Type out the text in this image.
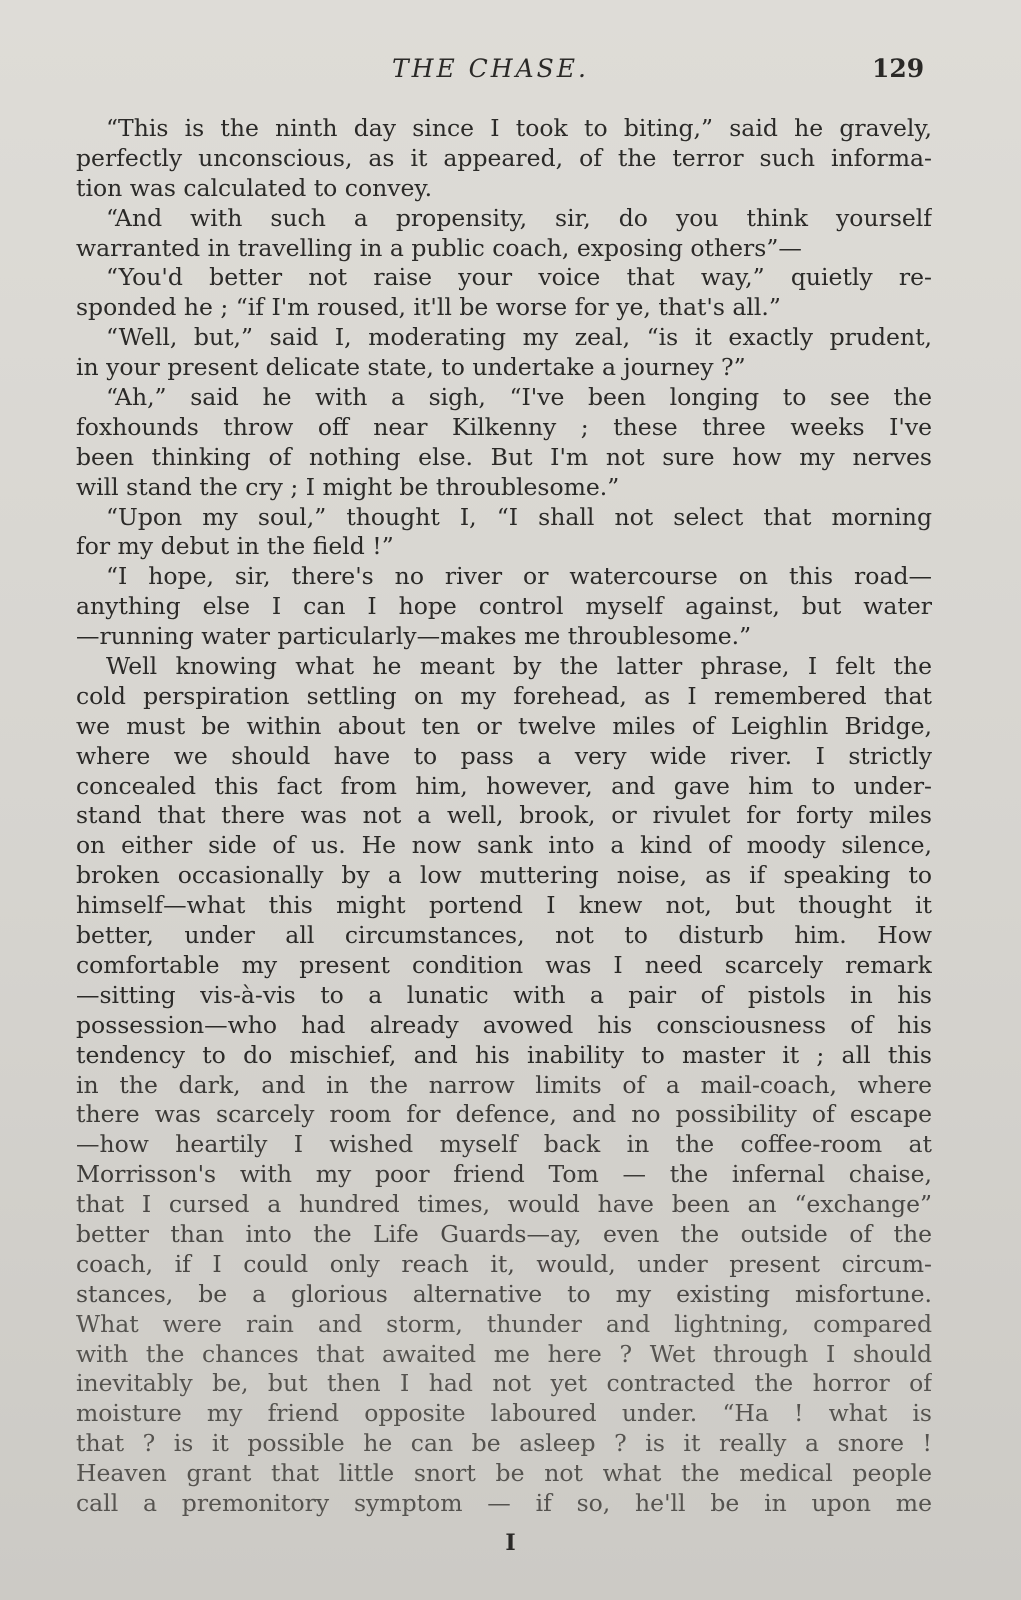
THE CHASE.	129
“This is the ninth day since I took to biting,” said he gravely,
perfectly unconscious, as it appeared, of the terror such informa-
tion was calculated to convey.
“And with such a propensity, sir, do you think yourself
warranted in travelling in a public coach, exposing others”—
“You'd better not raise your voice that way,” quietly re-
sponded he ; “if I'm roused, it'll be worse for ye, that's all.”
“Well, but,” said I, moderating my zeal, “is it exactly prudent,
in your present delicate state, to undertake a journey ?”
“Ah,” said he with a sigh, “I've been longing to see the
foxhounds throw off near Kilkenny ; these three weeks I've
been thinking of nothing else. But I'm not sure how my nerves
will stand the cry ; I might be throublesome.”
“Upon my soul,” thought I, “I shall not select that morning
for my debut in the field !”
“I hope, sir, there's no river or watercourse on this road—
anything else I can I hope control myself against, but water
—running water particularly—makes me throublesome.”
Well knowing what he meant by the latter phrase, I felt the
cold perspiration settling on my forehead, as I remembered that
we must be within about ten or twelve miles of Leighlin Bridge,
where we should have to pass a very wide river. I strictly
concealed this fact from him, however, and gave him to under-
stand that there was not a well, brook, or rivulet for forty miles
on either side of us. He now sank into a kind of moody silence,
broken occasionally by a low muttering noise, as if speaking to
himself—what this might portend I knew not, but thought it
better, under all circumstances, not to disturb him. How
comfortable my present condition was I need scarcely remark
—sitting vis-à-vis to a lunatic with a pair of pistols in his
possession—who had already avowed his consciousness of his
tendency to do mischief, and his inability to master it ; all this
in the dark, and in the narrow limits of a mail-coach, where
there was scarcely room for defence, and no possibility of escape
—how heartily I wished myself back in the coffee-room at
Morrisson's with my poor friend Tom — the infernal chaise,
that I cursed a hundred times, would have been an “exchange”
better than into the Life Guards—ay, even the outside of the
coach, if I could only reach it, would, under present circum-
stances, be a glorious alternative to my existing misfortune.
What were rain and storm, thunder and lightning, compared
with the chances that awaited me here ? Wet through I should
inevitably be, but then I had not yet contracted the horror of
moisture my friend opposite laboured under. “Ha ! what is
that ? is it possible he can be asleep ? is it really a snore !
Heaven grant that little snort be not what the medical people
call a premonitory symptom — if so, he'll be in upon me
I
